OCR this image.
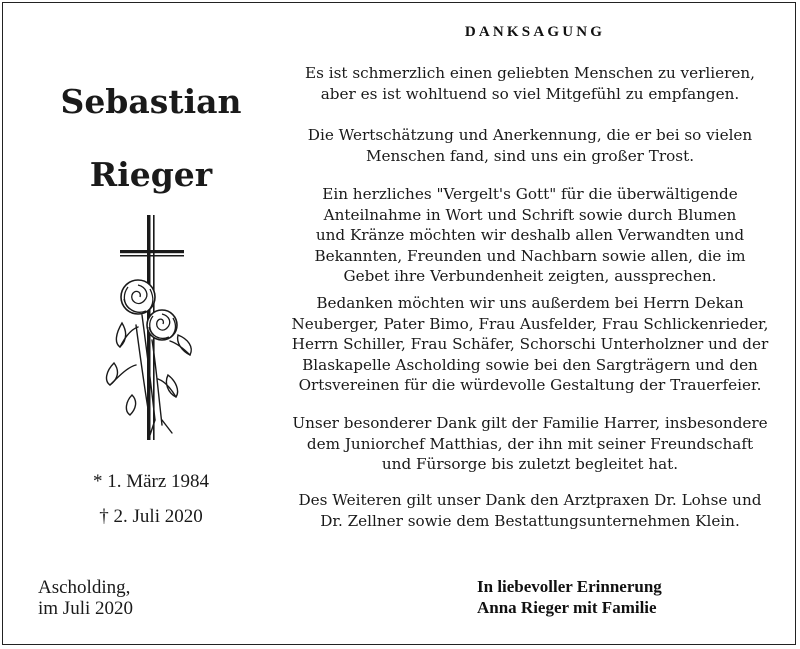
DANKSAGUNG
Sebastian
Rieger
* 1. März 1984
† 2. Juli 2020
Ascholding,
im Juli 2020
Es ist schmerzlich einen geliebten Menschen zu verlieren,
aber es ist wohltuend so viel Mitgefühl zu empfangen.
Die Wertschätzung und Anerkennung, die er bei so vielen
Menschen fand, sind uns ein großer Trost.
Ein herzliches "Vergelt's Gott" für die überwältigende
Anteilnahme in Wort und Schrift sowie durch Blumen
und Kränze möchten wir deshalb allen Verwandten und
Bekannten, Freunden und Nachbarn sowie allen, die im
Gebet ihre Verbundenheit zeigten, aussprechen.
Bedanken möchten wir uns außerdem bei Herrn Dekan
Neuberger, Pater Bimo, Frau Ausfelder, Frau Schlickenrieder,
Herrn Schiller, Frau Schäfer, Schorschi Unterholzner und der
Blaskapelle Ascholding sowie bei den Sargträgern und den
Ortsvereinen für die würdevolle Gestaltung der Trauerfeier.
Unser besonderer Dank gilt der Familie Harrer, insbesondere
dem Juniorchef Matthias, der ihn mit seiner Freundschaft
und Fürsorge bis zuletzt begleitet hat.
Des Weiteren gilt unser Dank den Arztpraxen Dr. Lohse und
Dr. Zellner sowie dem Bestattungsunternehmen Klein.
In liebevoller Erinnerung
Anna Rieger mit Familie
